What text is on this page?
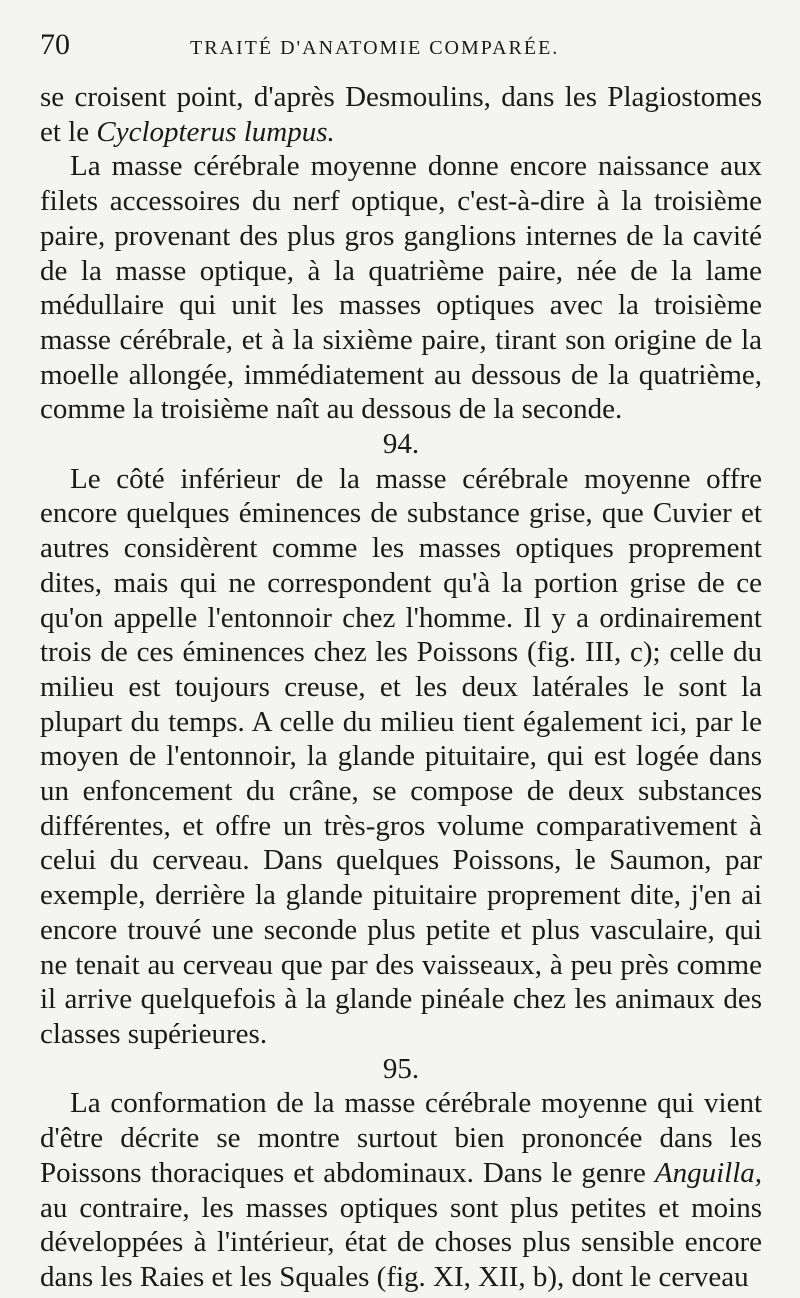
70	TRAITÉ D'ANATOMIE COMPARÉE.

se croisent point, d'après Desmoulins, dans les Plagiostomes et le Cyclopterus lumpus.

La masse cérébrale moyenne donne encore naissance aux filets accessoires du nerf optique, c'est-à-dire à la troisième paire, provenant des plus gros ganglions internes de la cavité de la masse optique, à la quatrième paire, née de la lame médullaire qui unit les masses optiques avec la troisième masse cérébrale, et à la sixième paire, tirant son origine de la moelle allongée, immédiatement au dessous de la quatrième, comme la troisième naît au dessous de la seconde.

94.

Le côté inférieur de la masse cérébrale moyenne offre encore quelques éminences de substance grise, que Cuvier et autres considèrent comme les masses optiques proprement dites, mais qui ne correspondent qu'à la portion grise de ce qu'on appelle l'entonnoir chez l'homme. Il y a ordinairement trois de ces éminences chez les Poissons (fig. III, c); celle du milieu est toujours creuse, et les deux latérales le sont la plupart du temps. A celle du milieu tient également ici, par le moyen de l'entonnoir, la glande pituitaire, qui est logée dans un enfoncement du crâne, se compose de deux substances différentes, et offre un très-gros volume comparativement à celui du cerveau. Dans quelques Poissons, le Saumon, par exemple, derrière la glande pituitaire proprement dite, j'en ai encore trouvé une seconde plus petite et plus vasculaire, qui ne tenait au cerveau que par des vaisseaux, à peu près comme il arrive quelquefois à la glande pinéale chez les animaux des classes supérieures.

95.

La conformation de la masse cérébrale moyenne qui vient d'être décrite se montre surtout bien prononcée dans les Poissons thoraciques et abdominaux. Dans le genre Anguilla, au contraire, les masses optiques sont plus petites et moins développées à l'intérieur, état de choses plus sensible encore dans les Raies et les Squales (fig. XI, XII, b), dont le cerveau
